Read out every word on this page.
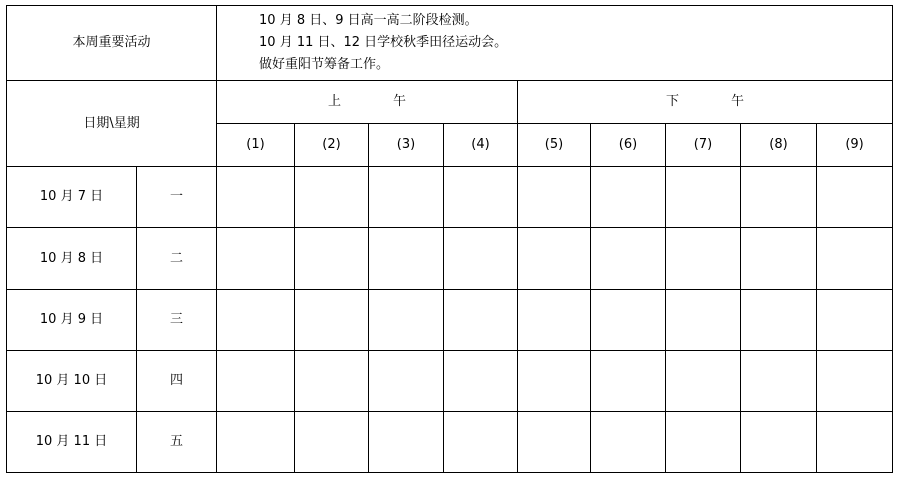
本周重要活动		10 月 8 日、9 日高一高二阶段检测。
10 月 11 日、12 日学校秋季田径运动会。
做好重阳节筹备工作。								

日期\星期		上 午				下 午				
		(1)	(2)	(3)	(4)	(5)	(6)	(7)	(8)	(9)
10 月 7 日	一									
10 月 8 日	二									
10 月 9 日	三									
10 月 10 日	四									
10 月 11 日	五									
